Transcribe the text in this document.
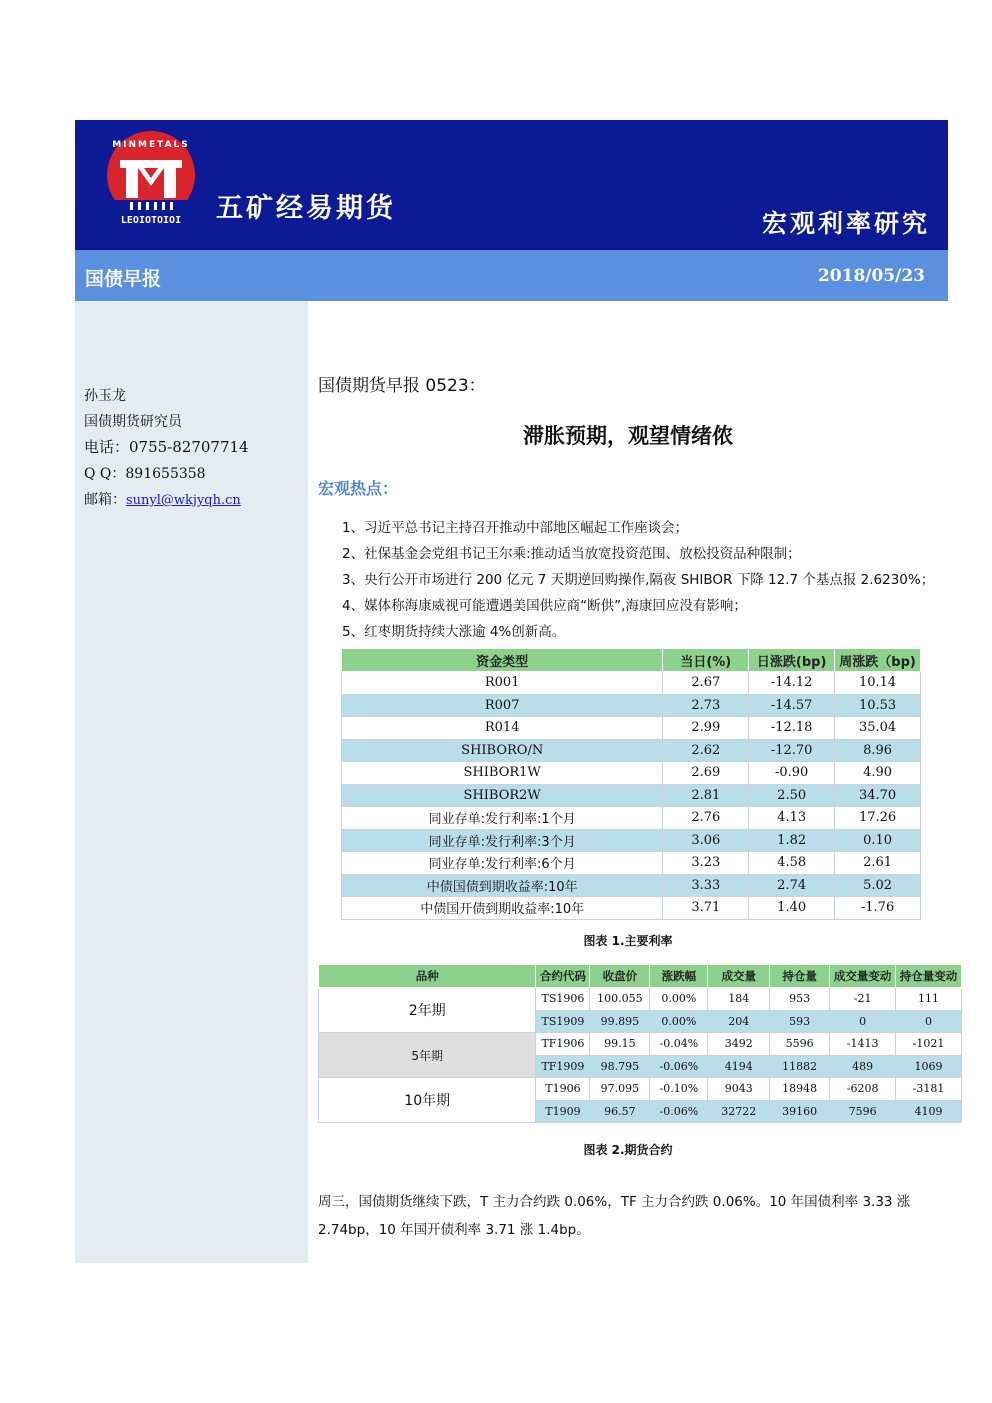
MINMETALS
LEOIOTOIOI 五矿经易期货	宏观利率研究
国债早报	2018/05/23
孙玉龙
国债期货研究员
电话：0755-82707714
Q Q：891655358
邮箱：sunyl@wkjyqh.cn
国债期货早报 0523：
滞胀预期，观望情绪侬
宏观热点：
1、习近平总书记主持召开推动中部地区崛起工作座谈会；
2、社保基金会党组书记王尔乘:推动适当放宽投资范围、放松投资品种限制；
3、央行公开市场进行 200 亿元 7 天期逆回购操作,隔夜 SHIBOR 下降 12.7 个基点报 2.6230%；
4、媒体称海康威视可能遭遇美国供应商“断供”,海康回应没有影响；
5、红枣期货持续大涨逾 4%创新高。
资金类型	当日(%)	日涨跌(bp)	周涨跌（bp)
R001	2.67	-14.12	10.14
R007	2.73	-14.57	10.53
R014	2.99	-12.18	35.04
SHIBORO/N	2.62	-12.70	8.96
SHIBOR1W	2.69	-0.90	4.90
SHIBOR2W	2.81	2.50	34.70
同业存单:发行利率:1个月	2.76	4.13	17.26
同业存单:发行利率:3个月	3.06	1.82	0.10
同业存单:发行利率:6个月	3.23	4.58	2.61
中债国债到期收益率:10年	3.33	2.74	5.02
中债国开债到期收益率:10年	3.71	1.40	-1.76
图表 1.主要利率
品种	合约代码	收盘价	涨跌幅	成交量	持仓量	成交量变动	持仓量变动
2年期	TS1906	100.055	0.00%	184	953	-21	111
	TS1909	99.895	0.00%	204	593	0	0
5年期	TF1906	99.15	-0.04%	3492	5596	-1413	-1021
	TF1909	98.795	-0.06%	4194	11882	489	1069
10年期	T1906	97.095	-0.10%	9043	18948	-6208	-3181
	T1909	96.57	-0.06%	32722	39160	7596	4109
图表 2.期货合约
周三，国债期货继续下跌，T 主力合约跌 0.06%，TF 主力合约跌 0.06%。10 年国债利率 3.33 涨 2.74bp，10 年国开债利率 3.71 涨 1.4bp。
